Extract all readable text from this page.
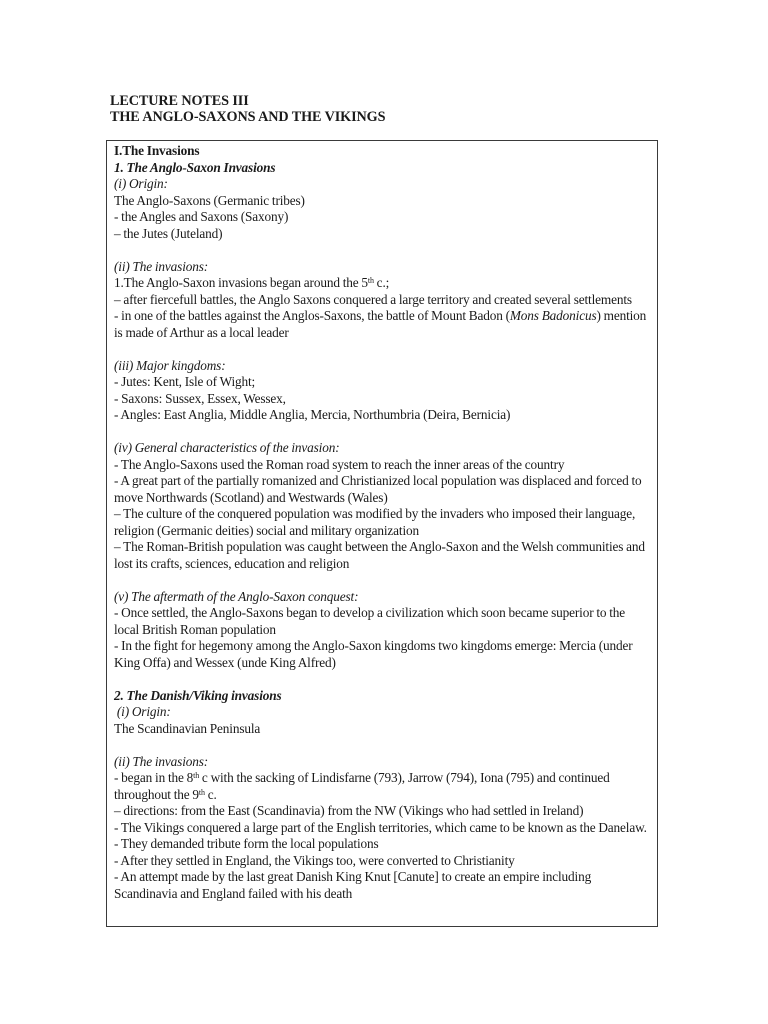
LECTURE NOTES III
THE ANGLO-SAXONS AND THE VIKINGS
I.The Invasions
1. The Anglo-Saxon Invasions
(i) Origin:
The Anglo-Saxons (Germanic tribes)
- the Angles and Saxons (Saxony)
– the Jutes (Juteland)
(ii) The invasions:
1.The Anglo-Saxon invasions began around the 5th c.;
– after fiercefull battles, the Anglo Saxons conquered a large territory and created several settlements
- in one of the battles against the Anglos-Saxons, the battle of Mount Badon (Mons Badonicus) mention is made of Arthur as a local leader
(iii) Major kingdoms:
- Jutes: Kent, Isle of Wight;
- Saxons: Sussex, Essex, Wessex,
- Angles: East Anglia, Middle Anglia, Mercia, Northumbria (Deira, Bernicia)
(iv) General characteristics of the invasion:
- The Anglo-Saxons used the Roman road system to reach the inner areas of the country
- A great part of the partially romanized and Christianized local population was displaced and forced to move Northwards (Scotland) and Westwards (Wales)
– The culture of the conquered population was modified by the invaders who imposed their language, religion (Germanic deities) social and military organization
– The Roman-British population was caught between the Anglo-Saxon and the Welsh communities and lost its crafts, sciences, education and religion
(v) The aftermath of the Anglo-Saxon conquest:
- Once settled, the Anglo-Saxons began to develop a civilization which soon became superior to the local British Roman population
- In the fight for hegemony among the Anglo-Saxon kingdoms two kingdoms emerge: Mercia (under King Offa) and Wessex (unde King Alfred)
2. The Danish/Viking invasions
(i) Origin:
The Scandinavian Peninsula
(ii) The invasions:
- began in the 8th c with the sacking of Lindisfarne (793), Jarrow (794), Iona (795) and continued throughout the 9th c.
– directions: from the East (Scandinavia) from the NW (Vikings who had settled in Ireland)
- The Vikings conquered a large part of the English territories, which came to be known as the Danelaw.
- They demanded tribute form the local populations
- After they settled in England, the Vikings too, were converted to Christianity
- An attempt made by the last great Danish King Knut [Canute] to create an empire including Scandinavia and England failed with his death
